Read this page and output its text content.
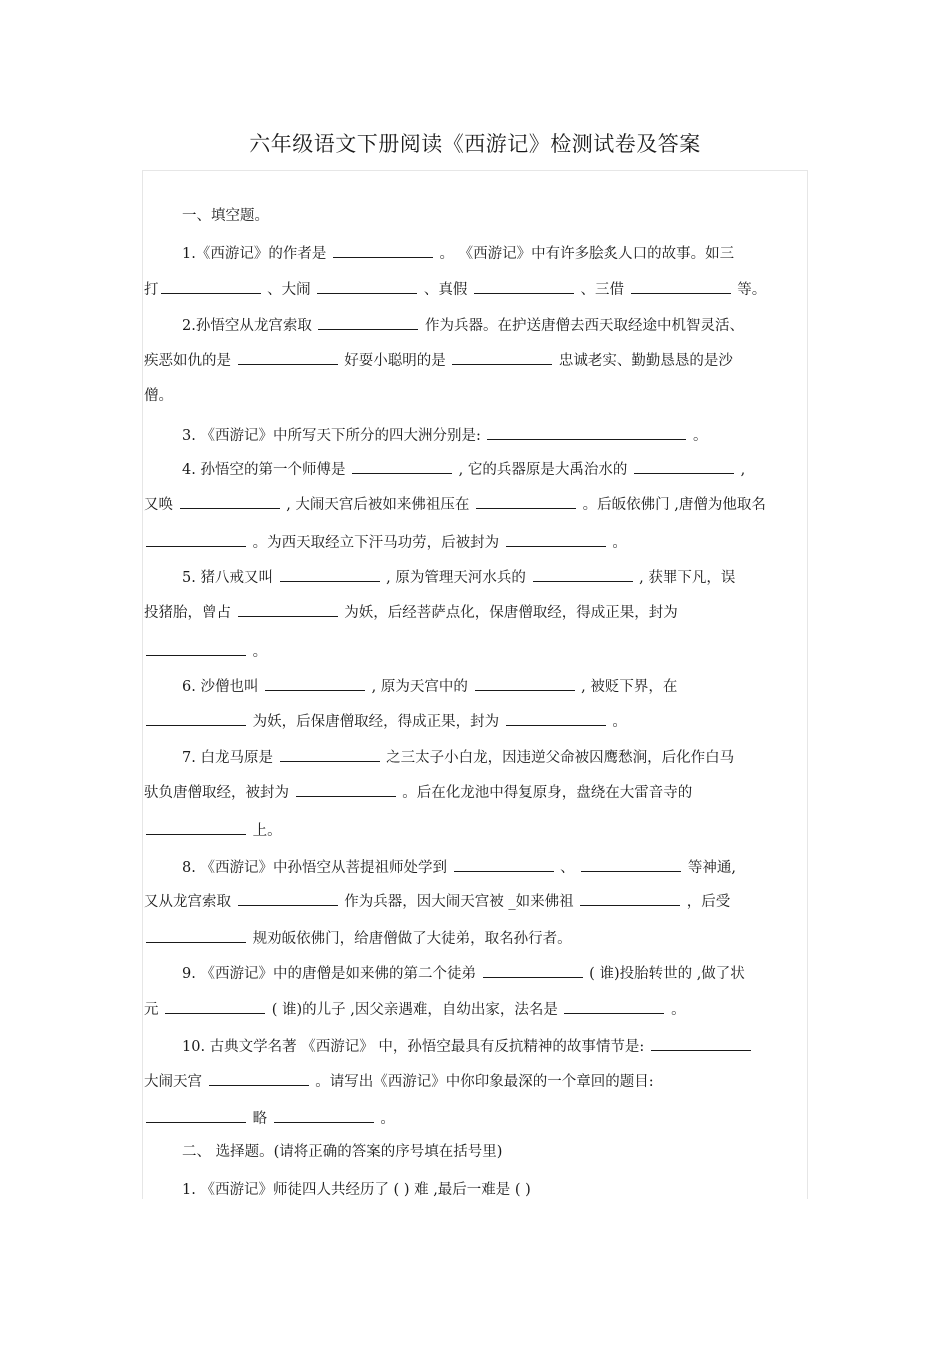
六年级语文下册阅读《西游记》检测试卷及答案
一、填空题。
1.《西游记》的作者是	。 《西游记》中有许多脍炙人口的故事。如三
打	、大闹	、真假	、三借	等。
2.孙悟空从龙宫索取	作为兵器。在护送唐僧去西天取经途中机智灵活、
疾恶如仇的是	好耍小聪明的是	忠诚老实、勤勤恳恳的是沙
僧。
3. 《西游记》中所写天下所分的四大洲分别是:	。
4. 孙悟空的第一个师傅是	, 它的兵器原是大禹治水的	,
又唤	, 大闹天宫后被如来佛祖压在	。后皈依佛门 ,唐僧为他取名
。为西天取经立下汗马功劳，后被封为	。
5. 猪八戒又叫	, 原为管理天河水兵的	, 获罪下凡，误
投猪胎，曾占	为妖，后经菩萨点化，保唐僧取经，得成正果，封为
。
6. 沙僧也叫	, 原为天宫中的	, 被贬下界，在
为妖，后保唐僧取经，得成正果，封为	。
7. 白龙马原是	之三太子小白龙，因违逆父命被囚鹰愁涧，后化作白马
驮负唐僧取经，被封为	。后在化龙池中得复原身，盘绕在大雷音寺的
上。
8. 《西游记》中孙悟空从菩提祖师处学到	、	等神通,
又从龙宫索取	作为兵器，因大闹天宫被 _如来佛祖	，后受
规劝皈依佛门，给唐僧做了大徒弟，取名孙行者。
9. 《西游记》中的唐僧是如来佛的第二个徒弟	( 谁)投胎转世的 ,做了状
元	( 谁)的儿子 ,因父亲遇难，自幼出家，法名是	。
10. 古典文学名著 《西游记》 中，孙悟空最具有反抗精神的故事情节是:
大闹天宫	。请写出《西游记》中你印象最深的一个章回的题目:
略	。
二、 选择题。(请将正确的答案的序号填在括号里)
1. 《西游记》师徒四人共经历了 ( ) 难 ,最后一难是 ( )
